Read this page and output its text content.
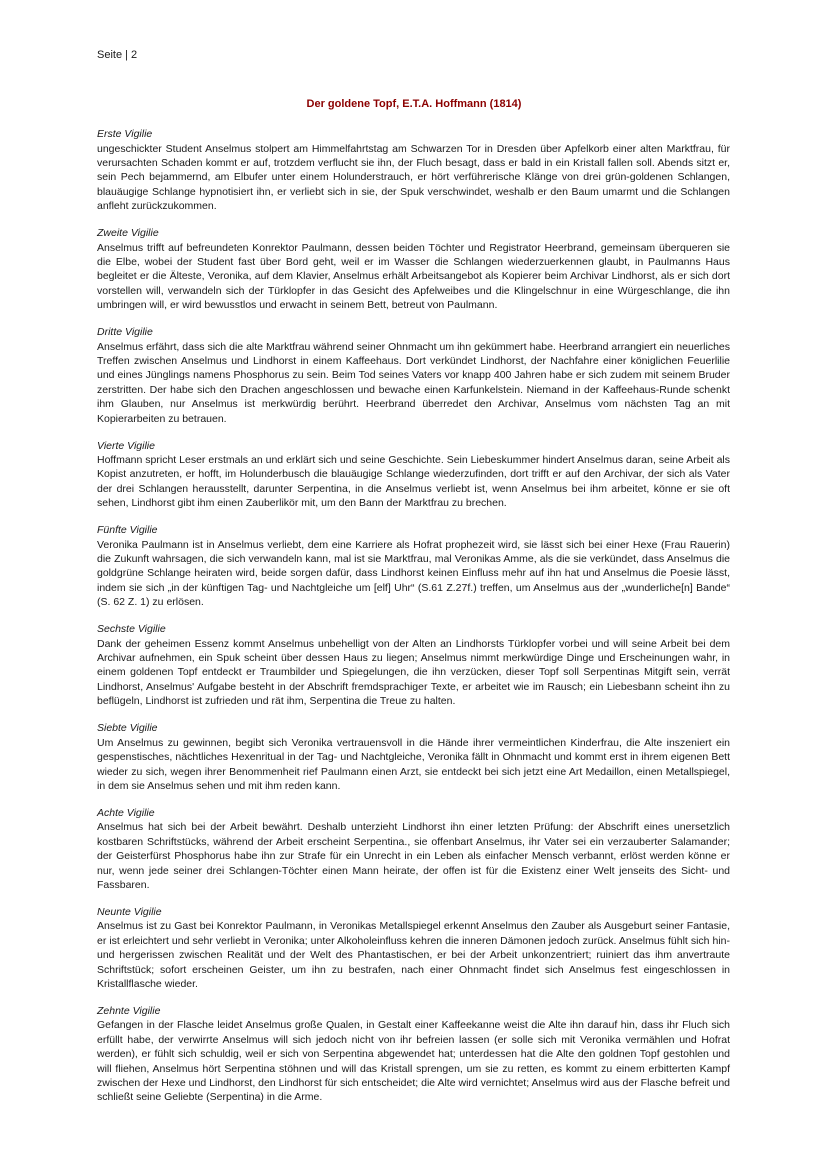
Seite | 2
Der goldene Topf, E.T.A. Hoffmann (1814)

Erste Vigilie

ungeschickter Student Anselmus stolpert am Himmelfahrtstag am Schwarzen Tor in Dresden über Apfelkorb einer alten Marktfrau, für verursachten Schaden kommt er auf, trotzdem verflucht sie ihn, der Fluch besagt, dass er bald in ein Kristall fallen soll. Abends sitzt er, sein Pech bejammernd, am Elbufer unter einem Holunderstrauch, er hört verführerische Klänge von drei grün-goldenen Schlangen, blauäugige Schlange hypnotisiert ihn, er verliebt sich in sie, der Spuk verschwindet, weshalb er den Baum umarmt und die Schlangen anfleht zurückzukommen.

Zweite Vigilie

Anselmus trifft auf befreundeten Konrektor Paulmann, dessen beiden Töchter und Registrator Heerbrand, gemeinsam überqueren sie die Elbe, wobei der Student fast über Bord geht, weil er im Wasser die Schlangen wiederzuerkennen glaubt, in Paulmanns Haus begleitet er die Älteste, Veronika, auf dem Klavier, Anselmus erhält Arbeitsangebot als Kopierer beim Archivar Lindhorst, als er sich dort vorstellen will, verwandeln sich der Türklopfer in das Gesicht des Apfelweibes und die Klingelschnur in eine Würgeschlange, die ihn umbringen will, er wird bewusstlos und erwacht in seinem Bett, betreut von Paulmann.

Dritte Vigilie

Anselmus erfährt, dass sich die alte Marktfrau während seiner Ohnmacht um ihn gekümmert habe. Heerbrand arrangiert ein neuerliches Treffen zwischen Anselmus und Lindhorst in einem Kaffeehaus. Dort verkündet Lindhorst, der Nachfahre einer königlichen Feuerlilie und eines Jünglings namens Phosphorus zu sein. Beim Tod seines Vaters vor knapp 400 Jahren habe er sich zudem mit seinem Bruder zerstritten. Der habe sich den Drachen angeschlossen und bewache einen Karfunkelstein. Niemand in der Kaffeehaus-Runde schenkt ihm Glauben, nur Anselmus ist merkwürdig berührt. Heerbrand überredet den Archivar, Anselmus vom nächsten Tag an mit Kopierarbeiten zu betrauen.

Vierte Vigilie

Hoffmann spricht Leser erstmals an und erklärt sich und seine Geschichte. Sein Liebeskummer hindert Anselmus daran, seine Arbeit als Kopist anzutreten, er hofft, im Holunderbusch die blauäugige Schlange wiederzufinden, dort trifft er auf den Archivar, der sich als Vater der drei Schlangen herausstellt, darunter Serpentina, in die Anselmus verliebt ist, wenn Anselmus bei ihm arbeitet, könne er sie oft sehen, Lindhorst gibt ihm einen Zauberlikör mit, um den Bann der Marktfrau zu brechen.

Fünfte Vigilie

Veronika Paulmann ist in Anselmus verliebt, dem eine Karriere als Hofrat prophezeit wird, sie lässt sich bei einer Hexe (Frau Rauerin) die Zukunft wahrsagen, die sich verwandeln kann, mal ist sie Marktfrau, mal Veronikas Amme, als die sie verkündet, dass Anselmus die goldgrüne Schlange heiraten wird, beide sorgen dafür, dass Lindhorst keinen Einfluss mehr auf ihn hat und Anselmus die Poesie lässt, indem sie sich „in der künftigen Tag- und Nachtgleiche um [elf] Uhr“ (S.61 Z.27f.) treffen, um Anselmus aus der „wunderliche[n] Bande“ (S. 62 Z. 1) zu erlösen.

Sechste Vigilie

Dank der geheimen Essenz kommt Anselmus unbehelligt von der Alten an Lindhorsts Türklopfer vorbei und will seine Arbeit bei dem Archivar aufnehmen, ein Spuk scheint über dessen Haus zu liegen; Anselmus nimmt merkwürdige Dinge und Erscheinungen wahr, in einem goldenen Topf entdeckt er Traumbilder und Spiegelungen, die ihn verzücken, dieser Topf soll Serpentinas Mitgift sein, verrät Lindhorst, Anselmus' Aufgabe besteht in der Abschrift fremdsprachiger Texte, er arbeitet wie im Rausch; ein Liebesbann scheint ihn zu beflügeln, Lindhorst ist zufrieden und rät ihm, Serpentina die Treue zu halten.

Siebte Vigilie

Um Anselmus zu gewinnen, begibt sich Veronika vertrauensvoll in die Hände ihrer vermeintlichen Kinderfrau, die Alte inszeniert ein gespenstisches, nächtliches Hexenritual in der Tag- und Nachtgleiche, Veronika fällt in Ohnmacht und kommt erst in ihrem eigenen Bett wieder zu sich, wegen ihrer Benommenheit rief Paulmann einen Arzt, sie entdeckt bei sich jetzt eine Art Medaillon, einen Metallspiegel, in dem sie Anselmus sehen und mit ihm reden kann.

Achte Vigilie

Anselmus hat sich bei der Arbeit bewährt. Deshalb unterzieht Lindhorst ihn einer letzten Prüfung: der Abschrift eines unersetzlich kostbaren Schriftstücks, während der Arbeit erscheint Serpentina., sie offenbart Anselmus, ihr Vater sei ein verzauberter Salamander; der Geisterfürst Phosphorus habe ihn zur Strafe für ein Unrecht in ein Leben als einfacher Mensch verbannt, erlöst werden könne er nur, wenn jede seiner drei Schlangen-Töchter einen Mann heirate, der offen ist für die Existenz einer Welt jenseits des Sicht- und Fassbaren.

Neunte Vigilie

Anselmus ist zu Gast bei Konrektor Paulmann, in Veronikas Metallspiegel erkennt Anselmus den Zauber als Ausgeburt seiner Fantasie, er ist erleichtert und sehr verliebt in Veronika; unter Alkoholeinfluss kehren die inneren Dämonen jedoch zurück. Anselmus fühlt sich hin- und hergerissen zwischen Realität und der Welt des Phantastischen, er bei der Arbeit unkonzentriert; ruiniert das ihm anvertraute Schriftstück; sofort erscheinen Geister, um ihn zu bestrafen, nach einer Ohnmacht findet sich Anselmus fest eingeschlossen in Kristallflasche wieder.

Zehnte Vigilie

Gefangen in der Flasche leidet Anselmus große Qualen, in Gestalt einer Kaffeekanne weist die Alte ihn darauf hin, dass ihr Fluch sich erfüllt habe, der verwirrte Anselmus will sich jedoch nicht von ihr befreien lassen (er solle sich mit Veronika vermählen und Hofrat werden), er fühlt sich schuldig, weil er sich von Serpentina abgewendet hat; unterdessen hat die Alte den goldnen Topf gestohlen und will fliehen, Anselmus hört Serpentina stöhnen und will das Kristall sprengen, um sie zu retten, es kommt zu einem erbitterten Kampf zwischen der Hexe und Lindhorst, den Lindhorst für sich entscheidet; die Alte wird vernichtet; Anselmus wird aus der Flasche befreit und schließt seine Geliebte (Serpentina) in die Arme.
